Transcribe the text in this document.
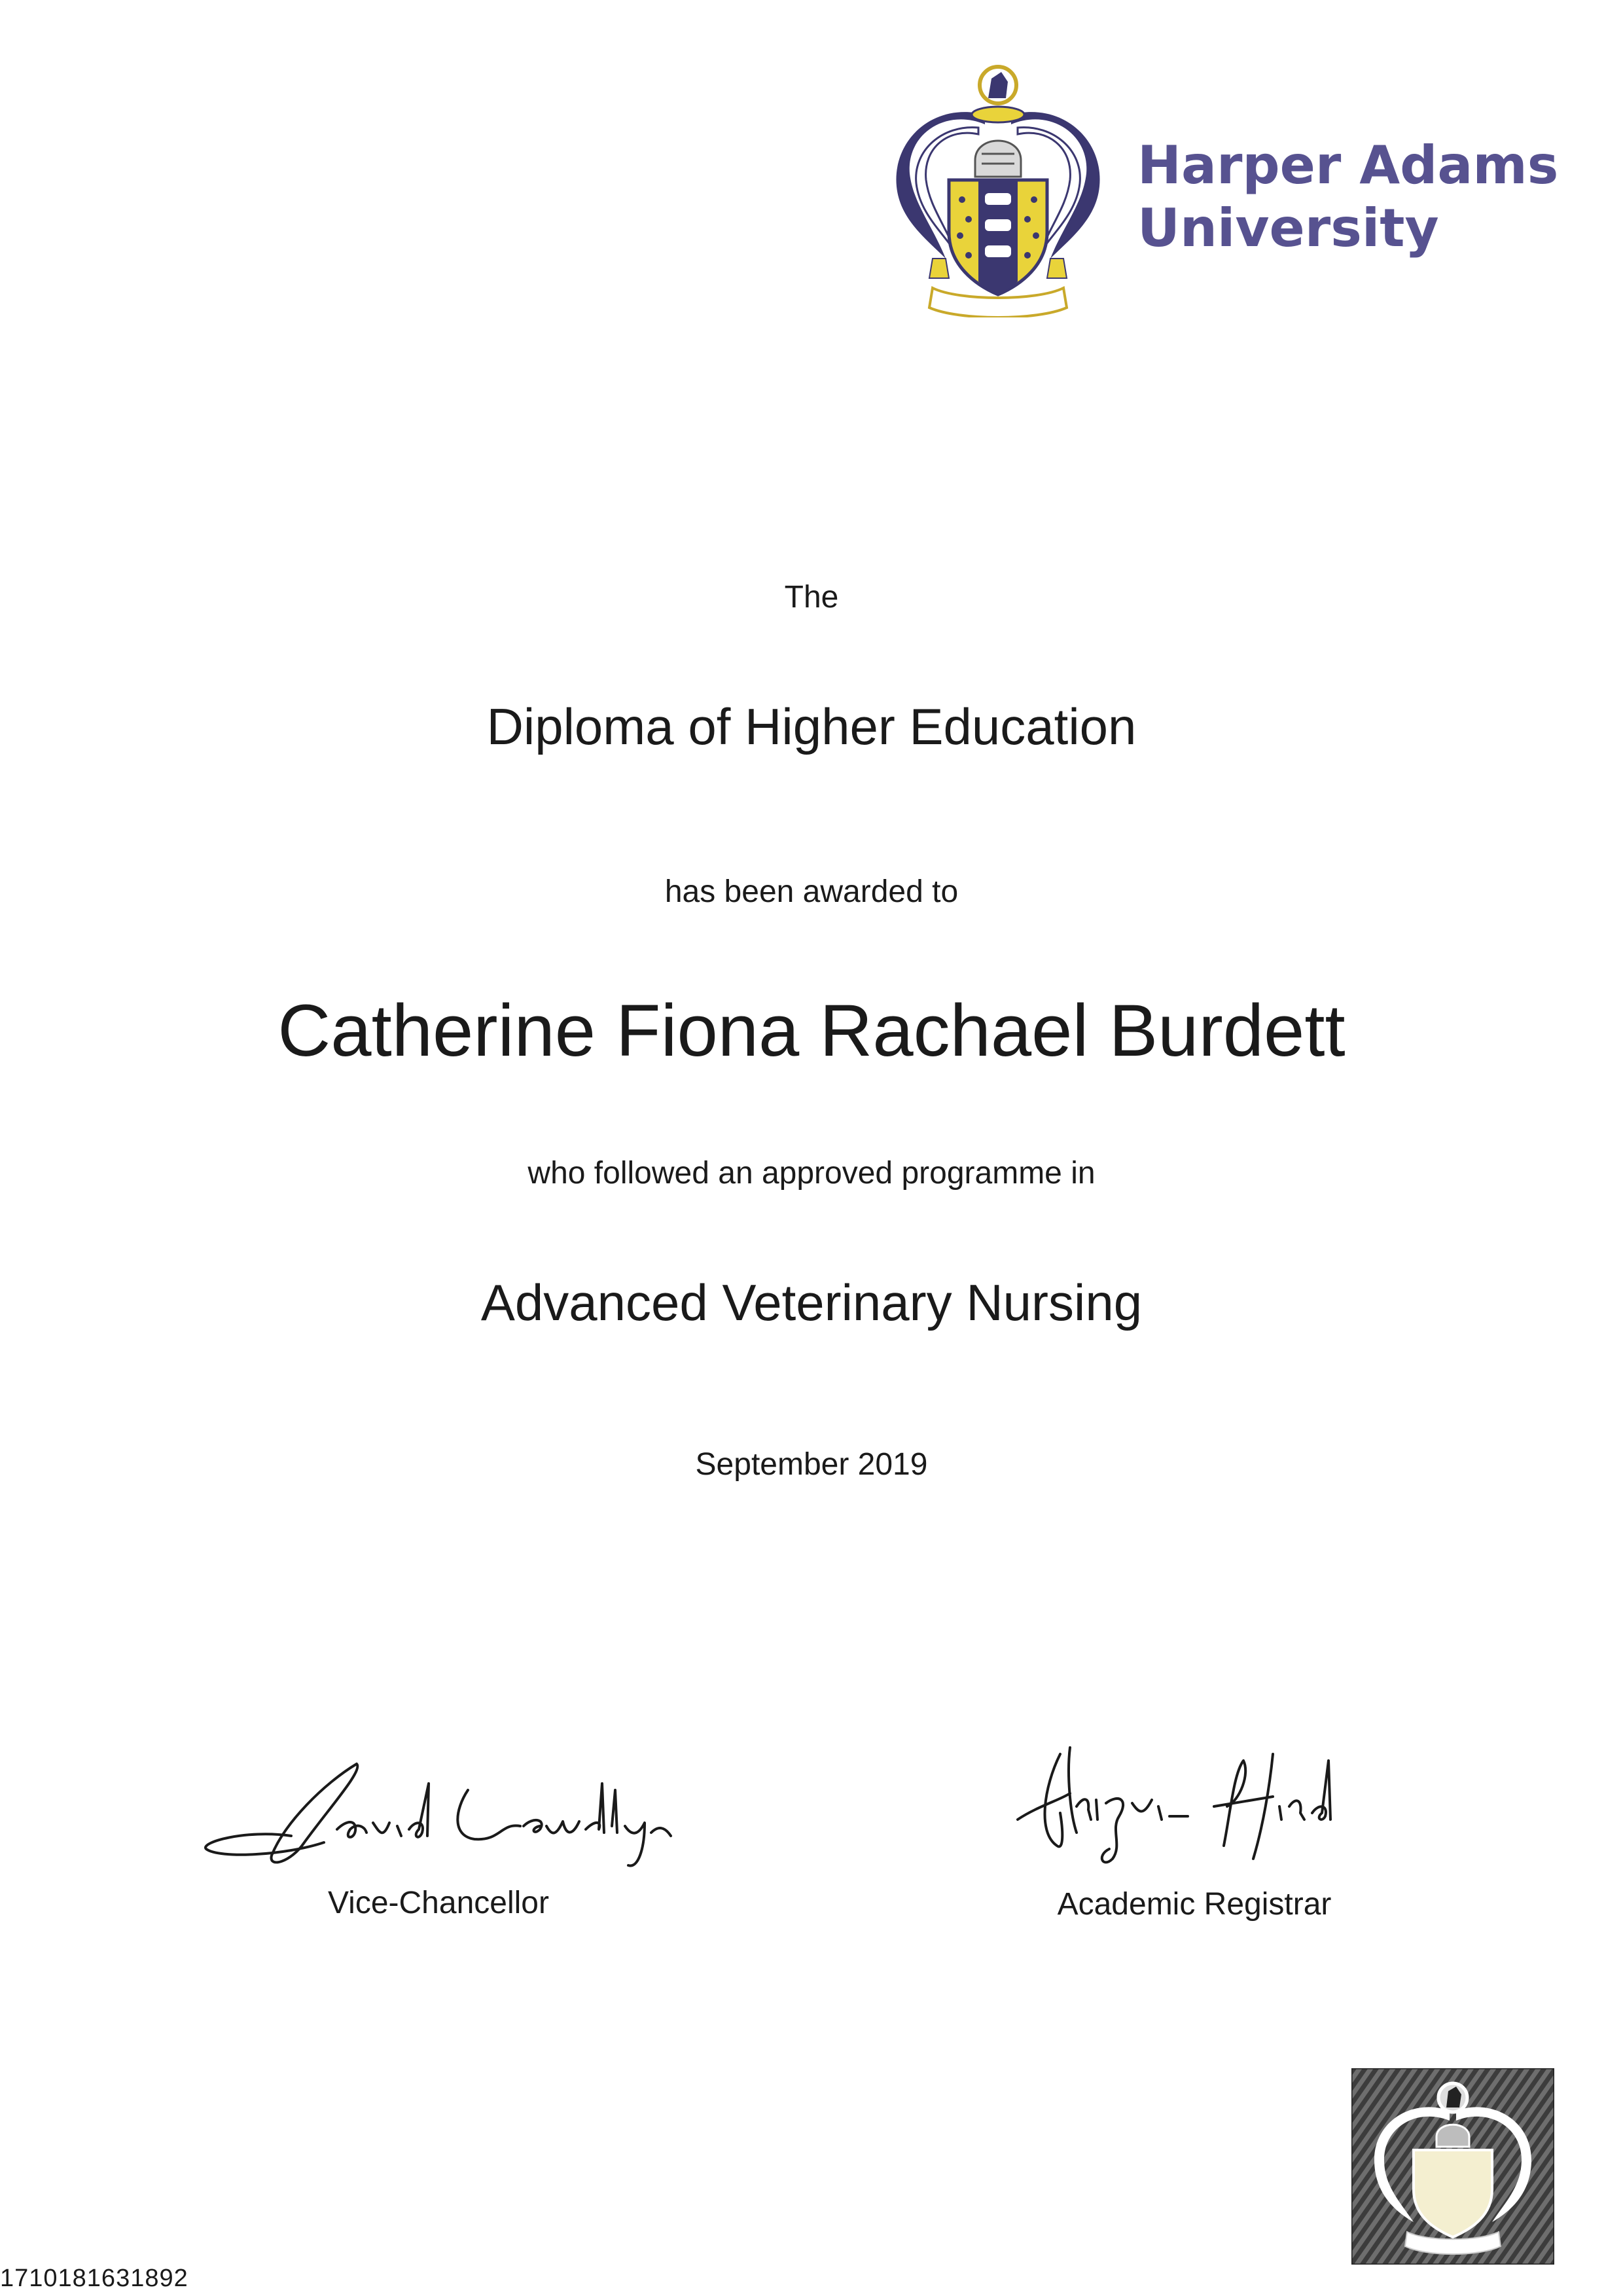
Harper Adams
University
The
Diploma of Higher Education
has been awarded to
Catherine Fiona Rachael Burdett
who followed an approved programme in
Advanced Veterinary Nursing
September 2019
Vice-Chancellor	Academic Registrar
1710181631892
